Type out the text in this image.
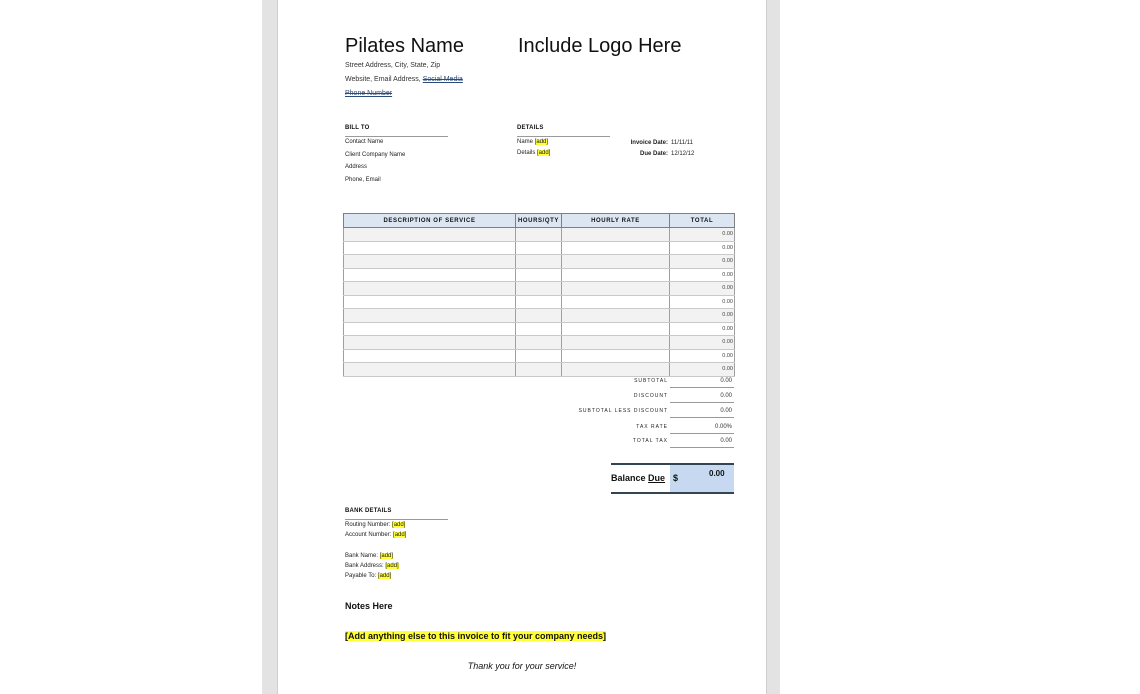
Pilates Name	Include Logo Here
Street Address, City, State, Zip
Website, Email Address, Social Media
Phone Number
BILL TO
Contact Name
Client Company Name
Address
Phone, Email
DETAILS
Name [add]
Details [add]
Invoice Date: 11/11/11
Due Date: 12/12/12
DESCRIPTION OF SERVICE	HOURS/QTY	HOURLY RATE	TOTAL
			0.00
			0.00
			0.00
			0.00
			0.00
			0.00
			0.00
			0.00
			0.00
			0.00
			0.00
SUBTOTAL	0.00
DISCOUNT	0.00
SUBTOTAL LESS DISCOUNT	0.00
TAX RATE	0.00%
TOTAL TAX	0.00
Balance Due $	0.00
BANK DETAILS
Routing Number: [add]
Account Number: [add]
Bank Name: [add]
Bank Address: [add]
Payable To: [add]
Notes Here
[Add anything else to this invoice to fit your company needs]
Thank you for your service!
